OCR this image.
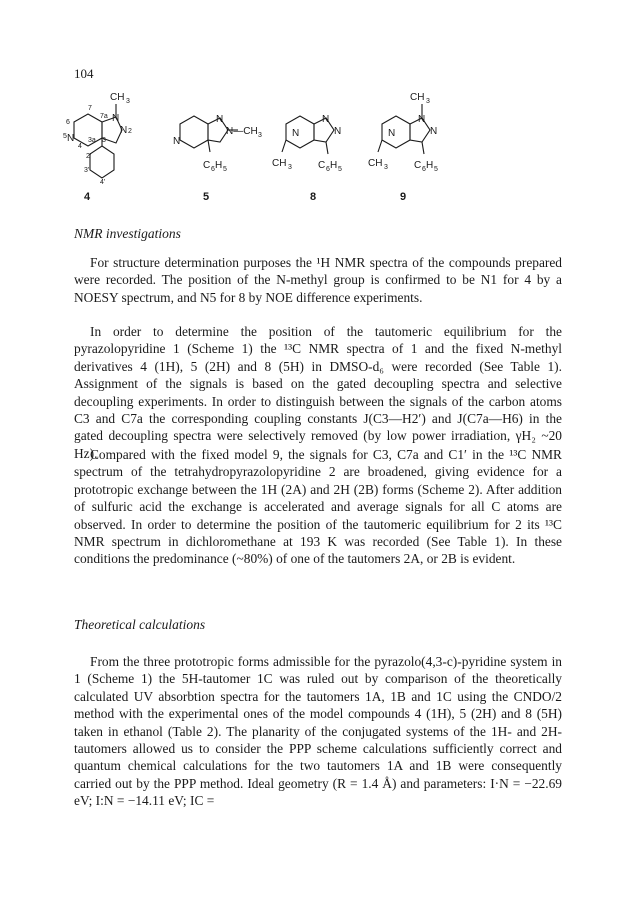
104
CH 3
7
7a
6
N
5
4
3a 3
N 2
N
2'
3'
4'
4
N
N
N—CH 3
C 6 H 5
5
N
N
N
CH 3	C 6 H 5
8
CH 3
N
N
N
CH 3	C 6 H 5
9
NMR investigations

For structure determination purposes the ¹H NMR spectra of the compounds prepared were recorded. The position of the N-methyl group is confirmed to be N1 for 4 by a NOESY spectrum, and N5 for 8 by NOE difference experiments.

In order to determine the position of the tautomeric equilibrium for the pyrazolopyridine 1 (Scheme 1) the ¹³C NMR spectra of 1 and the fixed N-methyl derivatives 4 (1H), 5 (2H) and 8 (5H) in DMSO-d₆ were recorded (See Table 1). Assignment of the signals is based on the gated decoupling spectra and selective decoupling experiments. In order to distinguish between the signals of the carbon atoms C3 and C7a the corresponding coupling constants J(C3—H2′) and J(C7a—H6) in the gated decoupling spectra were selectively removed (by low power irradiation, γH₂ ~20 Hz).

Compared with the fixed model 9, the signals for C3, C7a and C1′ in the ¹³C NMR spectrum of the tetrahydropyrazolopyridine 2 are broadened, giving evidence for a prototropic exchange between the 1H (2A) and 2H (2B) forms (Scheme 2). After addition of sulfuric acid the exchange is accelerated and average signals for all C atoms are observed. In order to determine the position of the tautomeric equilibrium for 2 its ¹³C NMR spectrum in dichloromethane at 193 K was recorded (See Table 1). In these conditions the predominance (~80%) of one of the tautomers 2A, or 2B is evident.

Theoretical calculations

From the three prototropic forms admissible for the pyrazolo(4,3-c)-pyridine system in 1 (Scheme 1) the 5H-tautomer 1C was ruled out by comparison of the theoretically calculated UV absorbtion spectra for the tautomers 1A, 1B and 1C using the CNDO/2 method with the experimental ones of the model compounds 4 (1H), 5 (2H) and 8 (5H) taken in ethanol (Table 2). The planarity of the conjugated systems of the 1H- and 2H-tautomers allowed us to consider the PPP scheme calculations sufficiently correct and quantum chemical calculations for the two tautomers 1A and 1B were consequently carried out by the PPP method. Ideal geometry (R = 1.4 Å) and parameters: I·N = −22.69 eV; I:N = −14.11 eV; IC =
